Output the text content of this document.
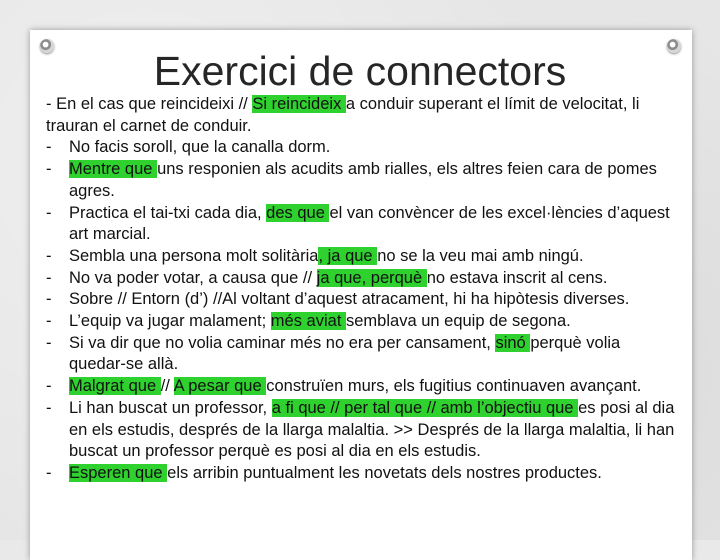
Exercici de connectors
- En el cas que reincideixi // Si reincideix a conduir superant el límit de velocitat, li trauran el carnet de conduir.
- No facis soroll, que la canalla dorm.
- Mentre que uns responien als acudits amb rialles, els altres feien cara de pomes agres.
- Practica el tai-txi cada dia, des que el van convèncer de les excel·lències d’aquest art marcial.
- Sembla una persona molt solitària, ja que no se la veu mai amb ningú.
- No va poder votar, a causa que // ja que, perquè no estava inscrit al cens.
- Sobre // Entorn (d’) //Al voltant d’aquest atracament, hi ha hipòtesis diverses.
- L’equip va jugar malament; més aviat semblava un equip de segona.
- Si va dir que no volia caminar més no era per cansament, sinó perquè volia quedar-se allà.
- Malgrat que // A pesar que construïen murs, els fugitius continuaven avançant.
- Li han buscat un professor, a fi que // per tal que // amb l’objectiu que es posi al dia en els estudis, després de la llarga malaltia. >> Després de la llarga malaltia, li han buscat un professor perquè es posi al dia en els estudis.
- Esperen que els arribin puntualment les novetats dels nostres productes.
